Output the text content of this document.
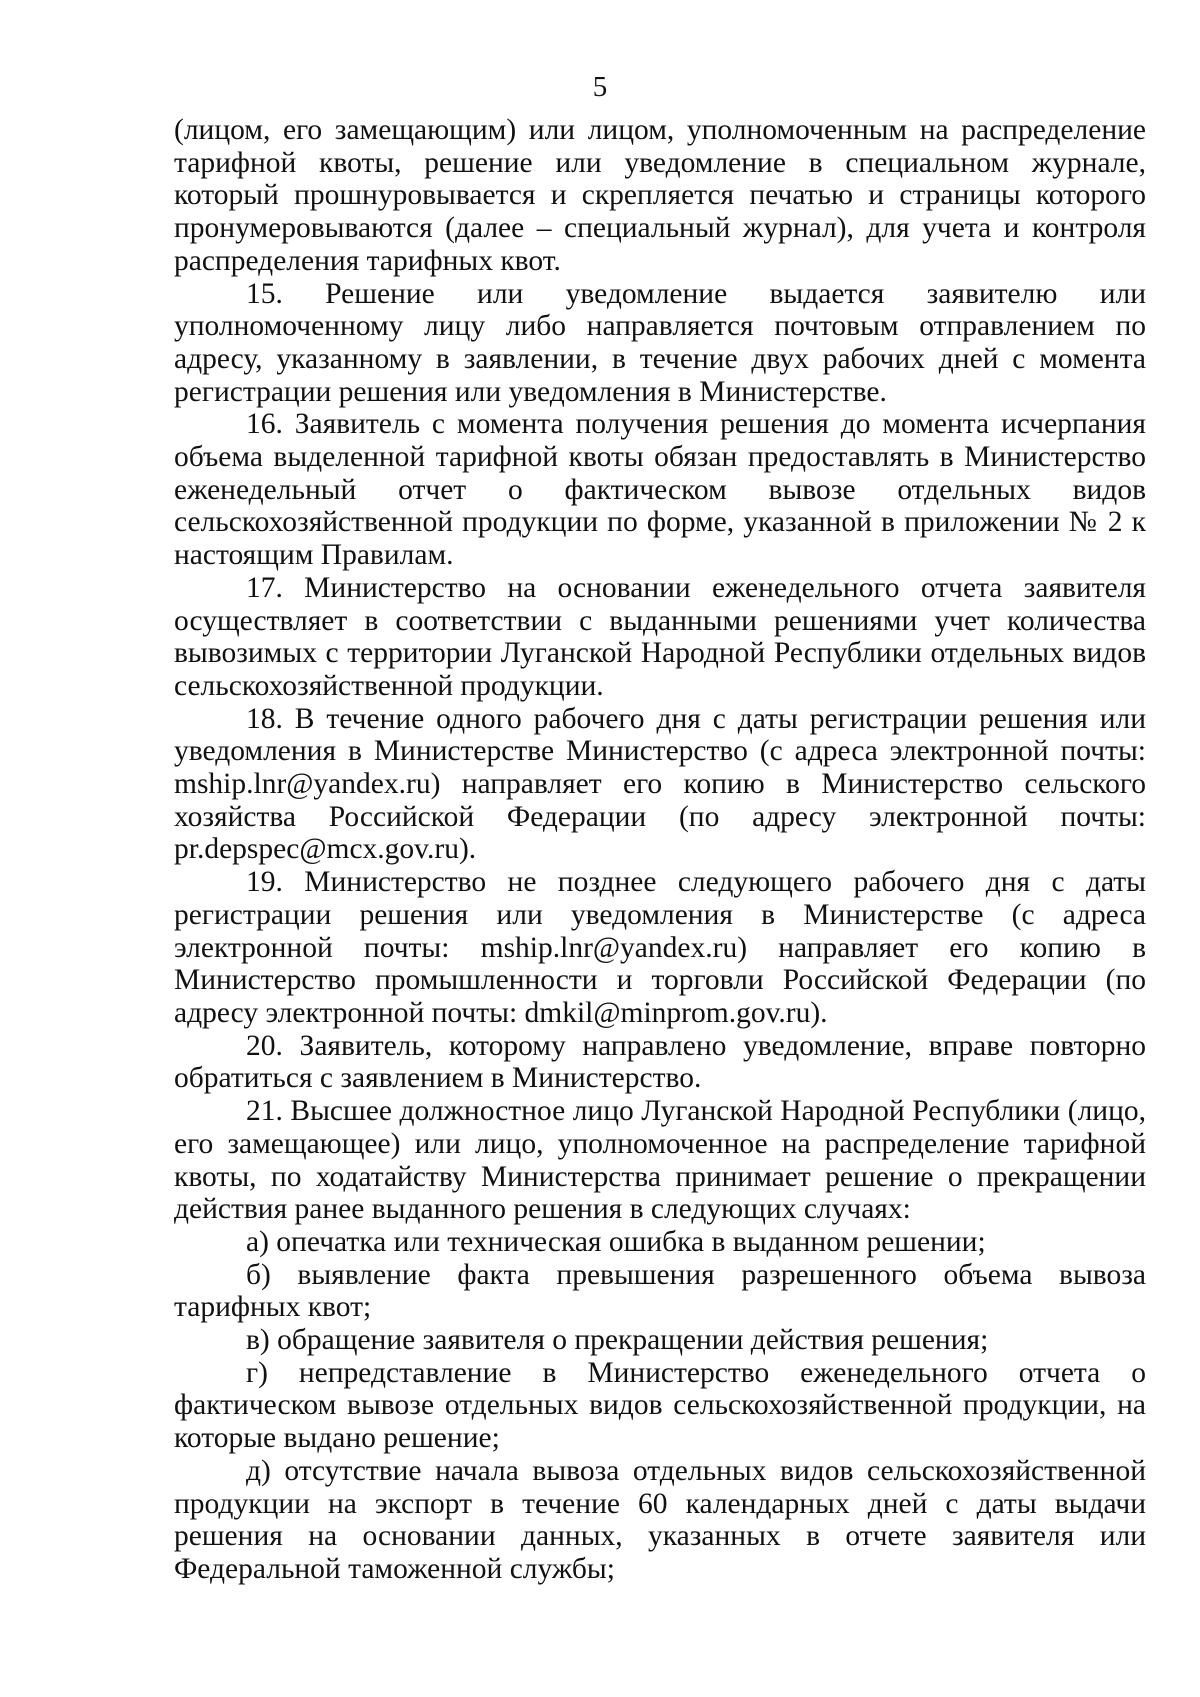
5

(лицом, его замещающим) или лицом, уполномоченным на распределение тарифной квоты, решение или уведомление в специальном журнале, который прошнуровывается и скрепляется печатью и страницы которого пронумеровываются (далее – специальный журнал), для учета и контроля распределения тарифных квот.

15. Решение или уведомление выдается заявителю или уполномоченному лицу либо направляется почтовым отправлением по адресу, указанному в заявлении, в течение двух рабочих дней с момента регистрации решения или уведомления в Министерстве.

16. Заявитель с момента получения решения до момента исчерпания объема выделенной тарифной квоты обязан предоставлять в Министерство еженедельный отчет о фактическом вывозе отдельных видов сельскохозяйственной продукции по форме, указанной в приложении № 2 к настоящим Правилам.

17. Министерство на основании еженедельного отчета заявителя осуществляет в соответствии с выданными решениями учет количества вывозимых с территории Луганской Народной Республики отдельных видов сельскохозяйственной продукции.

18. В течение одного рабочего дня с даты регистрации решения или уведомления в Министерстве Министерство (с адреса электронной почты: mship.lnr@yandex.ru) направляет его копию в Министерство сельского хозяйства Российской Федерации (по адресу электронной почты: pr.depspec@mcx.gov.ru).

19. Министерство не позднее следующего рабочего дня с даты регистрации решения или уведомления в Министерстве (с адреса электронной почты: mship.lnr@yandex.ru) направляет его копию в Министерство промышленности и торговли Российской Федерации (по адресу электронной почты: dmkil@minprom.gov.ru).

20. Заявитель, которому направлено уведомление, вправе повторно обратиться с заявлением в Министерство.

21. Высшее должностное лицо Луганской Народной Республики (лицо, его замещающее) или лицо, уполномоченное на распределение тарифной квоты, по ходатайству Министерства принимает решение о прекращении действия ранее выданного решения в следующих случаях:

а) опечатка или техническая ошибка в выданном решении;

б) выявление факта превышения разрешенного объема вывоза тарифных квот;

в) обращение заявителя о прекращении действия решения;

г) непредставление в Министерство еженедельного отчета о фактическом вывозе отдельных видов сельскохозяйственной продукции, на которые выдано решение;

д) отсутствие начала вывоза отдельных видов сельскохозяйственной продукции на экспорт в течение 60 календарных дней с даты выдачи решения на основании данных, указанных в отчете заявителя или Федеральной таможенной службы;
